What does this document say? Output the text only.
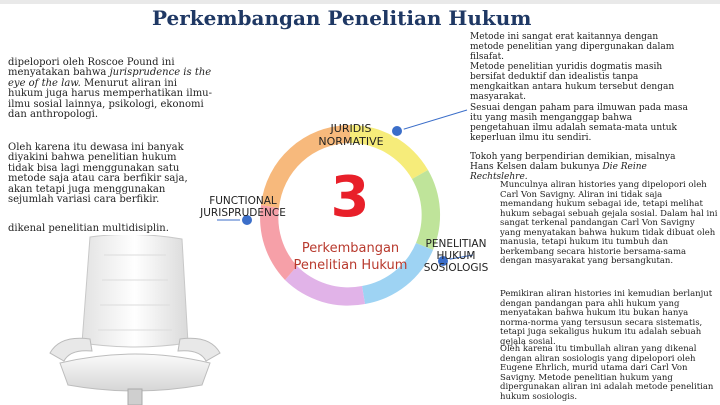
Perkembangan Penelitian Hukum
dipelopori oleh Roscoe Pound ini menyatakan bahwa jurisprudence is the eye of the law. Menurut aliran ini hukum juga harus memperhatikan ilmu-ilmu sosial lainnya, psikologi, ekonomi dan anthropologi.
Oleh karena itu dewasa ini banyak diyakini bahwa penelitian hukum tidak bisa lagi menggunakan satu metode saja atau cara berfikir saja, akan tetapi juga menggunakan sejumlah variasi cara berfikir.
dikenal penelitian multidisiplin.
JURIDIS NORMATIVE
FUNCTIONAL JURISPRUDENCE
PENELITIAN HUKUM SOSIOLOGIS
3
Perkembangan Penelitian Hukum
Metode ini sangat erat kaitannya dengan metode penelitian yang dipergunakan dalam filsafat.
Metode penelitian yuridis dogmatis masih bersifat deduktif dan idealistis tanpa mengkaitkan antara hukum tersebut dengan masyarakat.
Sesuai dengan paham para ilmuwan pada masa itu yang masih menganggap bahwa pengetahuan ilmu adalah semata-mata untuk keperluan ilmu itu sendiri.
Tokoh yang berpendirian demikian, misalnya Hans Kelsen dalam bukunya Die Reine Rechtslehre.
Munculnya aliran histories yang dipelopori oleh Carl Von Savigny. Aliran ini tidak saja memandang hukum sebagai ide, tetapi melihat hukum sebagai sebuah gejala sosial. Dalam hal ini sangat terkenal pandangan Carl Von Savigny yang menyatakan bahwa hukum tidak dibuat oleh manusia, tetapi hukum itu tumbuh dan berkembang secara historie bersama-sama dengan masyarakat yang bersangkutan.
Pemikiran aliran histories ini kemudian berlanjut dengan pandangan para ahli hukum yang menyatakan bahwa hukum itu bukan hanya norma-norma yang tersusun secara sistematis, tetapi juga sekaligus hukum itu adalah sebuah gejala sosial.
Oleh karena itu timbullah aliran yang dikenal dengan aliran sosiologis yang dipelopori oleh Eugene Ehrlich, murid utama dari Carl Von Savigny. Metode penelitian hukum yang dipergunakan aliran ini adalah metode penelitian hukum sosiologis.
